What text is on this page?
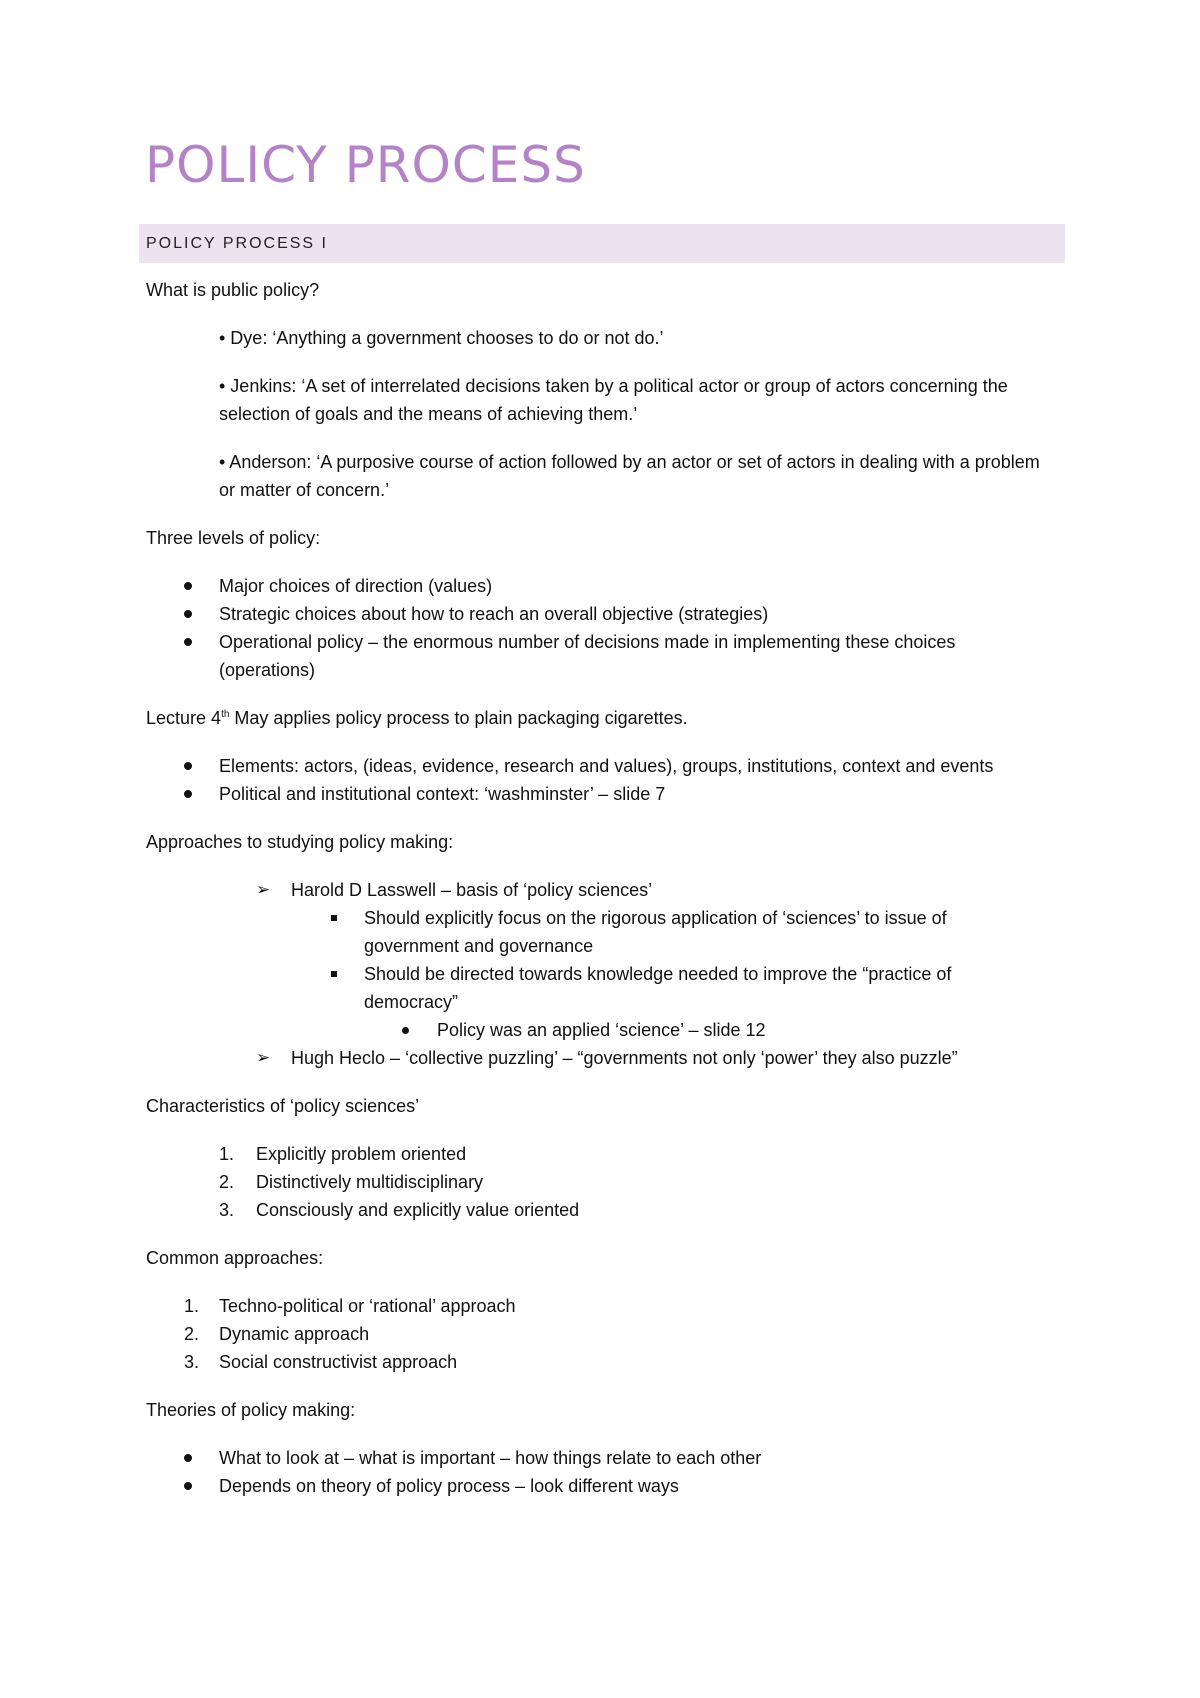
POLICY PROCESS
POLICY PROCESS I

What is public policy?

• Dye: ‘Anything a government chooses to do or not do.’

• Jenkins: ‘A set of interrelated decisions taken by a political actor or group of actors concerning the selection of goals and the means of achieving them.’

• Anderson: ‘A purposive course of action followed by an actor or set of actors in dealing with a problem or matter of concern.’

Three levels of policy:

Major choices of direction (values)
Strategic choices about how to reach an overall objective (strategies)
Operational policy – the enormous number of decisions made in implementing these choices (operations)

Lecture 4th May applies policy process to plain packaging cigarettes.

Elements: actors, (ideas, evidence, research and values), groups, institutions, context and events
Political and institutional context: ‘washminster’ – slide 7

Approaches to studying policy making:

➢ Harold D Lasswell – basis of ‘policy sciences’
Should explicitly focus on the rigorous application of ‘sciences’ to issue of government and governance
Should be directed towards knowledge needed to improve the “practice of democracy”
Policy was an applied ‘science’ – slide 12
➢ Hugh Heclo – ‘collective puzzling’ – “governments not only ‘power’ they also puzzle”

Characteristics of ‘policy sciences’

1. Explicitly problem oriented
2. Distinctively multidisciplinary
3. Consciously and explicitly value oriented

Common approaches:

1. Techno-political or ‘rational’ approach
2. Dynamic approach
3. Social constructivist approach

Theories of policy making:

What to look at – what is important – how things relate to each other
Depends on theory of policy process – look different ways
